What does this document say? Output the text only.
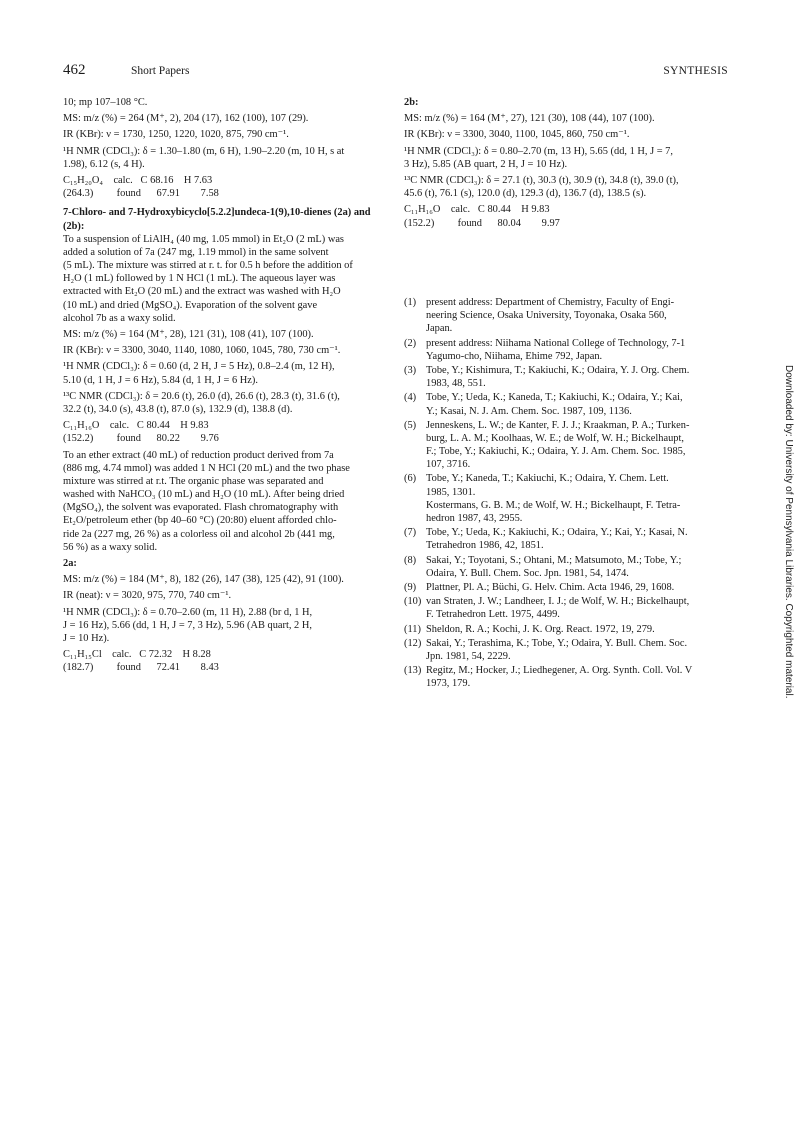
462	Short Papers	SYNTHESIS
10; mp 107–108 °C.
MS: m/z (%) = 264 (M⁺, 2), 204 (17), 162 (100), 107 (29).
IR (KBr): ν = 1730, 1250, 1220, 1020, 875, 790 cm⁻¹.
¹H NMR (CDCl₃): δ = 1.30–1.80 (m, 6 H), 1.90–2.20 (m, 10 H, s at
1.98), 6.12 (s, 4 H).
C₁₅H₂₀O₄    calc.   C 68.16    H 7.63
(264.3)         found      67.91        7.58
7-Chloro- and 7-Hydroxybicyclo[5.2.2]undeca-1(9),10-dienes (2a) and
(2b):
To a suspension of LiAlH₄ (40 mg, 1.05 mmol) in Et₂O (2 mL) was
added a solution of 7a (247 mg, 1.19 mmol) in the same solvent
(5 mL). The mixture was stirred at r. t. for 0.5 h before the addition of
H₂O (1 mL) followed by 1 N HCl (1 mL). The aqueous layer was
extracted with Et₂O (20 mL) and the extract was washed with H₂O
(10 mL) and dried (MgSO₄). Evaporation of the solvent gave
alcohol 7b as a waxy solid.
MS: m/z (%) = 164 (M⁺, 28), 121 (31), 108 (41), 107 (100).
IR (KBr): ν = 3300, 3040, 1140, 1080, 1060, 1045, 780, 730 cm⁻¹.
¹H NMR (CDCl₃): δ = 0.60 (d, 2 H, J = 5 Hz), 0.8–2.4 (m, 12 H),
5.10 (d, 1 H, J = 6 Hz), 5.84 (d, 1 H, J = 6 Hz).
¹³C NMR (CDCl₃): δ = 20.6 (t), 26.0 (d), 26.6 (t), 28.3 (t), 31.6 (t),
32.2 (t), 34.0 (s), 43.8 (t), 87.0 (s), 132.9 (d), 138.8 (d).
C₁₁H₁₆O    calc.   C 80.44    H 9.83
(152.2)         found      80.22        9.76
To an ether extract (40 mL) of reduction product derived from 7a
(886 mg, 4.74 mmol) was added 1 N HCl (20 mL) and the two phase
mixture was stirred at r.t. The organic phase was separated and
washed with NaHCO₃ (10 mL) and H₂O (10 mL). After being dried
(MgSO₄), the solvent was evaporated. Flash chromatography with
Et₂O/petroleum ether (bp 40–60 °C) (20:80) eluent afforded chlo-
ride 2a (227 mg, 26 %) as a colorless oil and alcohol 2b (441 mg,
56 %) as a waxy solid.
2a:
MS: m/z (%) = 184 (M⁺, 8), 182 (26), 147 (38), 125 (42), 91 (100).
IR (neat): ν = 3020, 975, 770, 740 cm⁻¹.
¹H NMR (CDCl₃): δ = 0.70–2.60 (m, 11 H), 2.88 (br d, 1 H,
J = 16 Hz), 5.66 (dd, 1 H, J = 7, 3 Hz), 5.96 (AB quart, 2 H,
J = 10 Hz).
C₁₁H₁₅Cl    calc.   C 72.32    H 8.28
(182.7)         found      72.41        8.43
2b:
MS: m/z (%) = 164 (M⁺, 27), 121 (30), 108 (44), 107 (100).
IR (KBr): ν = 3300, 3040, 1100, 1045, 860, 750 cm⁻¹.
¹H NMR (CDCl₃): δ = 0.80–2.70 (m, 13 H), 5.65 (dd, 1 H, J = 7,
3 Hz), 5.85 (AB quart, 2 H, J = 10 Hz).
¹³C NMR (CDCl₃): δ = 27.1 (t), 30.3 (t), 30.9 (t), 34.8 (t), 39.0 (t),
45.6 (t), 76.1 (s), 120.0 (d), 129.3 (d), 136.7 (d), 138.5 (s).
C₁₁H₁₆O    calc.   C 80.44    H 9.83
(152.2)         found      80.04        9.97
(1) present address: Department of Chemistry, Faculty of Engi-
neering Science, Osaka University, Toyonaka, Osaka 560,
Japan.
(2) present address: Niihama National College of Technology, 7-1
Yagumo-cho, Niihama, Ehime 792, Japan.
(3) Tobe, Y.; Kishimura, T.; Kakiuchi, K.; Odaira, Y. J. Org. Chem.
1983, 48, 551.
(4) Tobe, Y.; Ueda, K.; Kaneda, T.; Kakiuchi, K.; Odaira, Y.; Kai,
Y.; Kasai, N. J. Am. Chem. Soc. 1987, 109, 1136.
(5) Jenneskens, L. W.; de Kanter, F. J. J.; Kraakman, P. A.; Turken-
burg, L. A. M.; Koolhaas, W. E.; de Wolf, W. H.; Bickelhaupt,
F.; Tobe, Y.; Kakiuchi, K.; Odaira, Y. J. Am. Chem. Soc. 1985,
107, 3716.
(6) Tobe, Y.; Kaneda, T.; Kakiuchi, K.; Odaira, Y. Chem. Lett.
1985, 1301.
Kostermans, G. B. M.; de Wolf, W. H.; Bickelhaupt, F. Tetra-
hedron 1987, 43, 2955.
(7) Tobe, Y.; Ueda, K.; Kakiuchi, K.; Odaira, Y.; Kai, Y.; Kasai, N.
Tetrahedron 1986, 42, 1851.
(8) Sakai, Y.; Toyotani, S.; Ohtani, M.; Matsumoto, M.; Tobe, Y.;
Odaira, Y. Bull. Chem. Soc. Jpn. 1981, 54, 1474.
(9) Plattner, Pl. A.; Büchi, G. Helv. Chim. Acta 1946, 29, 1608.
(10) van Straten, J. W.; Landheer, I. J.; de Wolf, W. H.; Bickelhaupt,
F. Tetrahedron Lett. 1975, 4499.
(11) Sheldon, R. A.; Kochi, J. K. Org. React. 1972, 19, 279.
(12) Sakai, Y.; Terashima, K.; Tobe, Y.; Odaira, Y. Bull. Chem. Soc.
Jpn. 1981, 54, 2229.
(13) Regitz, M.; Hocker, J.; Liedhegener, A. Org. Synth. Coll. Vol. V
1973, 179.	Downloaded by: University of Pennsylvania Libraries. Copyrighted material.
